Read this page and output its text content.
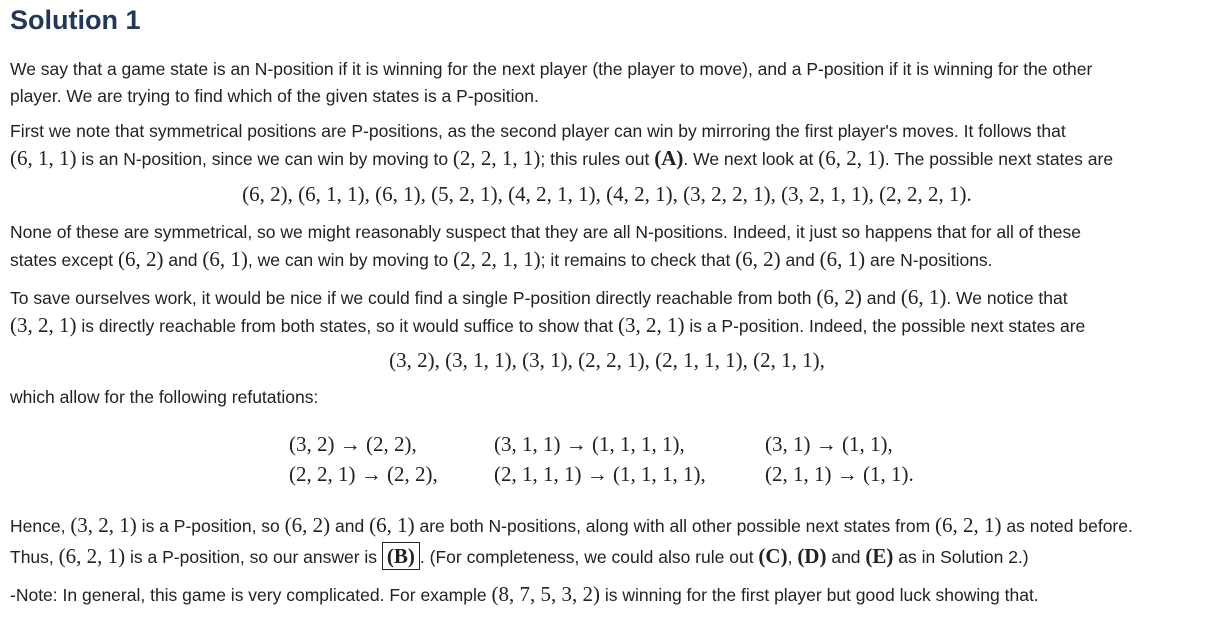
Solution 1

We say that a game state is an N-position if it is winning for the next player (the player to move), and a P-position if it is winning for the other
player. We are trying to find which of the given states is a P-position.

First we note that symmetrical positions are P-positions, as the second player can win by mirroring the first player's moves. It follows that
(6, 1, 1) is an N-position, since we can win by moving to (2, 2, 1, 1); this rules out (A). We next look at (6, 2, 1). The possible next states are

(6, 2), (6, 1, 1), (6, 1), (5, 2, 1), (4, 2, 1, 1), (4, 2, 1), (3, 2, 2, 1), (3, 2, 1, 1), (2, 2, 2, 1).

None of these are symmetrical, so we might reasonably suspect that they are all N-positions. Indeed, it just so happens that for all of these
states except (6, 2) and (6, 1), we can win by moving to (2, 2, 1, 1); it remains to check that (6, 2) and (6, 1) are N-positions.

To save ourselves work, it would be nice if we could find a single P-position directly reachable from both (6, 2) and (6, 1). We notice that
(3, 2, 1) is directly reachable from both states, so it would suffice to show that (3, 2, 1) is a P-position. Indeed, the possible next states are

(3, 2), (3, 1, 1), (3, 1), (2, 2, 1), (2, 1, 1, 1), (2, 1, 1),

which allow for the following refutations:

(3, 2) → (2, 2),	(3, 1, 1) → (1, 1, 1, 1),	(3, 1) → (1, 1),
(2, 2, 1) → (2, 2),	(2, 1, 1, 1) → (1, 1, 1, 1),	(2, 1, 1) → (1, 1).

Hence, (3, 2, 1) is a P-position, so (6, 2) and (6, 1) are both N-positions, along with all other possible next states from (6, 2, 1) as noted before.
Thus, (6, 2, 1) is a P-position, so our answer is (B) . (For completeness, we could also rule out (C), (D) and (E) as in Solution 2.)

-Note: In general, this game is very complicated. For example (8, 7, 5, 3, 2) is winning for the first player but good luck showing that.
